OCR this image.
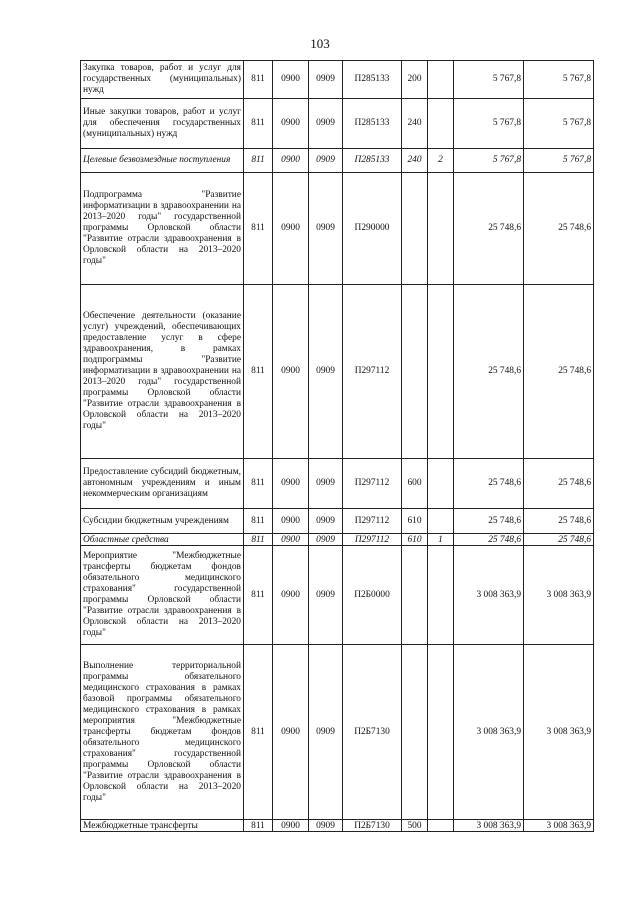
103
Закупка товаров, работ и услуг для государственных (муниципальных) нужд	811	0900	0909	П285133	200		5 767,8	5 767,8
Иные закупки товаров, работ и услуг для обеспечения государственных (муниципальных) нужд	811	0900	0909	П285133	240		5 767,8	5 767,8
Целевые безвозмездные поступления	811	0900	0909	П285133	240	2	5 767,8	5 767,8
Подпрограмма "Развитие информатизации в здравоохранении на 2013–2020 годы" государственной программы Орловской области "Развитие отрасли здравоохранения в Орловской области на 2013–2020 годы"	811	0900	0909	П290000			25 748,6	25 748,6
Обеспечение деятельности (оказание услуг) учреждений, обеспечивающих предоставление услуг в сфере здравоохранения, в рамках подпрограммы "Развитие информатизации в здравоохранении на 2013–2020 годы" государственной программы Орловской области "Развитие отрасли здравоохранения в Орловской области на 2013–2020 годы"	811	0900	0909	П297112			25 748,6	25 748,6
Предоставление субсидий бюджетным, автономным учреждениям и иным некоммерческим организациям	811	0900	0909	П297112	600		25 748,6	25 748,6
Субсидии бюджетным учреждениям	811	0900	0909	П297112	610		25 748,6	25 748,6
Областные средства	811	0900	0909	П297112	610	1	25 748,6	25 748,6
Мероприятие "Межбюджетные трансферты бюджетам фондов обязательного медицинского страхования" государственной программы Орловской области "Развитие отрасли здравоохранения в Орловской области на 2013–2020 годы"	811	0900	0909	П2Б0000			3 008 363,9	3 008 363,9
Выполнение территориальной программы обязательного медицинского страхования в рамках базовой программы обязательного медицинского страхования в рамках мероприятия "Межбюджетные трансферты бюджетам фондов обязательного медицинского страхования" государственной программы Орловской области "Развитие отрасли здравоохранения в Орловской области на 2013–2020 годы"	811	0900	0909	П2Б7130			3 008 363,9	3 008 363,9
Межбюджетные трансферты	811	0900	0909	П2Б7130	500		3 008 363,9	3 008 363,9
